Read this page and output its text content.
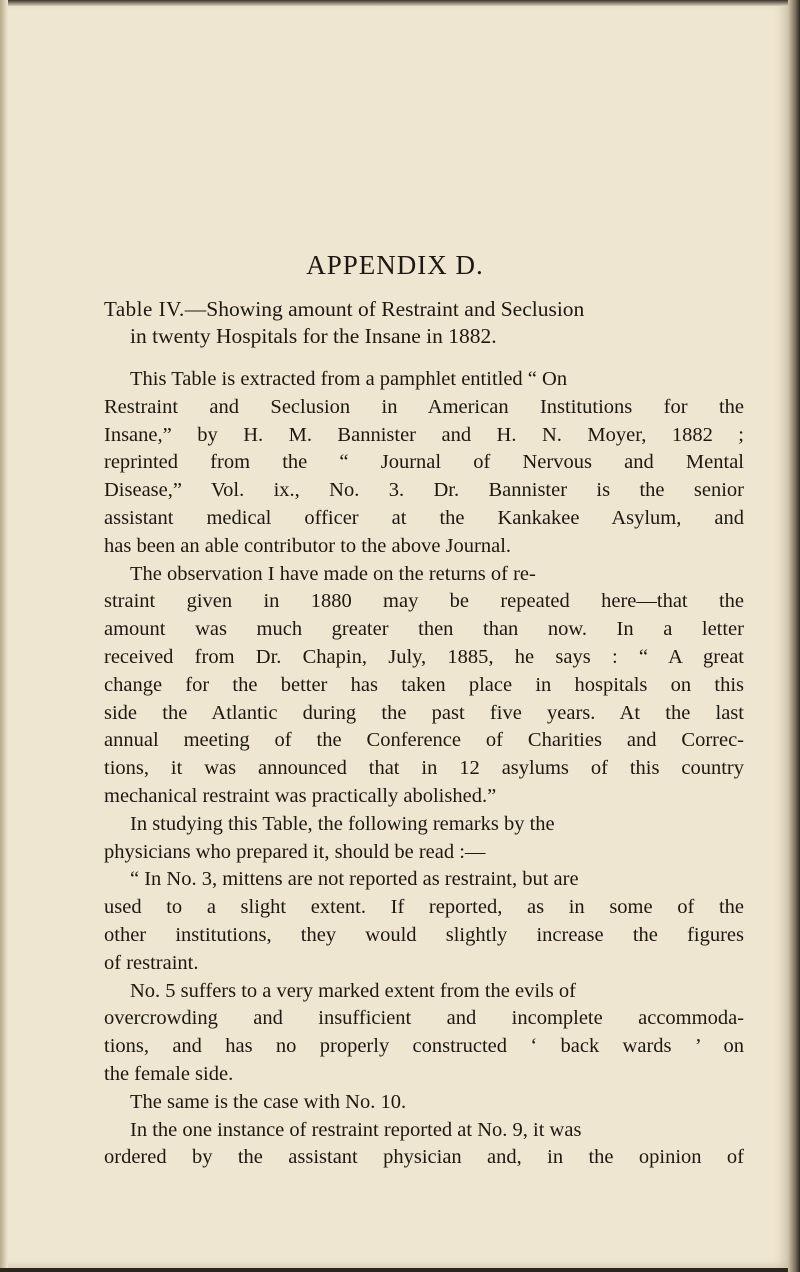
APPENDIX D.
Table IV.—Showing amount of Restraint and Seclusion
in twenty Hospitals for the Insane in 1882.
This Table is extracted from a pamphlet entitled “ On
Restraint and Seclusion in American Institutions for the
Insane,” by H. M. Bannister and H. N. Moyer, 1882 ;
reprinted from the “ Journal of Nervous and Mental
Disease,” Vol. ix., No. 3. Dr. Bannister is the senior
assistant medical officer at the Kankakee Asylum, and
has been an able contributor to the above Journal.
The observation I have made on the returns of re-
straint given in 1880 may be repeated here—that the
amount was much greater then than now. In a letter
received from Dr. Chapin, July, 1885, he says : “ A great
change for the better has taken place in hospitals on this
side the Atlantic during the past five years. At the last
annual meeting of the Conference of Charities and Correc-
tions, it was announced that in 12 asylums of this country
mechanical restraint was practically abolished.”
In studying this Table, the following remarks by the
physicians who prepared it, should be read :—
“ In No. 3, mittens are not reported as restraint, but are
used to a slight extent. If reported, as in some of the
other institutions, they would slightly increase the figures
of restraint.
No. 5 suffers to a very marked extent from the evils of
overcrowding and insufficient and incomplete accommoda-
tions, and has no properly constructed ‘ back wards ’ on
the female side.
The same is the case with No. 10.
In the one instance of restraint reported at No. 9, it was
ordered by the assistant physician and, in the opinion of
